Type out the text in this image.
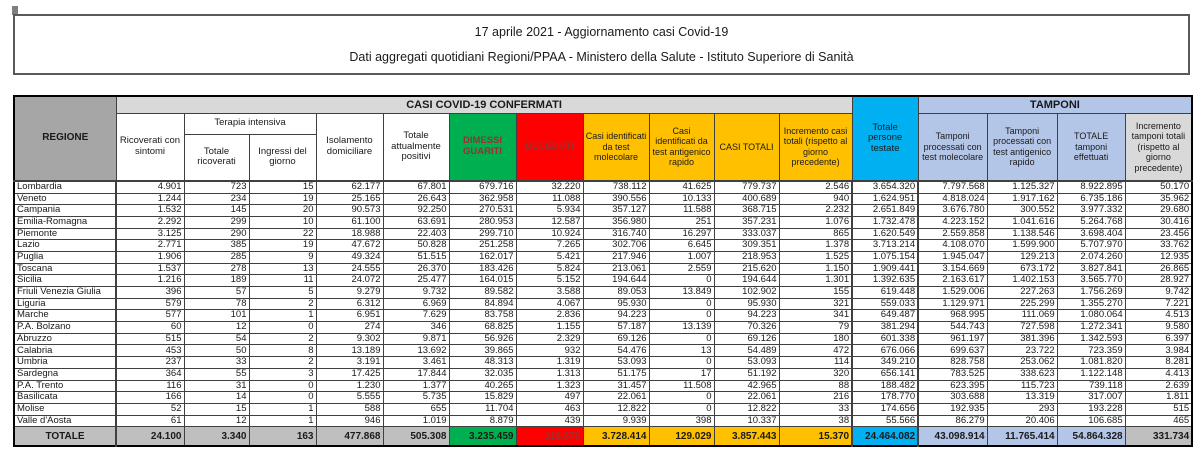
17 aprile 2021 - Aggiornamento casi Covid-19
Dati aggregati quotidiani Regioni/PPAA - Ministero della Salute - Istituto Superiore di Sanità
REGIONE	CASI COVID-19 CONFERMATI											Totale persone testate	TAMPONI			
	Ricoverati con sintomi	Terapia intensiva		Isolamento domiciliare	Totale attualmente positivi	DIMESSI GUARITI	DECEDUTI	Casi identificati da test molecolare	Casi identificati da test antigenico rapido	CASI TOTALI	Incremento casi totali (rispetto al giorno precedente)		Tamponi processati con test molecolare	Tamponi processati con test antigenico rapido	TOTALE tamponi effettuati	Incremento tamponi totali (rispetto al giorno precedente)
		Totale ricoverati	Ingressi del giorno													
Lombardia	4.901	723	15	62.177	67.801	679.716	32.220	738.112	41.625	779.737	2.546	3.654.320	7.797.568	1.125.327	8.922.895	50.170
Veneto	1.244	234	19	25.165	26.643	362.958	11.088	390.556	10.133	400.689	940	1.624.951	4.818.024	1.917.162	6.735.186	35.962
Campania	1.532	145	20	90.573	92.250	270.531	5.934	357.127	11.588	368.715	2.232	2.651.849	3.676.780	300.552	3.977.332	29.680
Emilia-Romagna	2.292	299	10	61.100	63.691	280.953	12.587	356.980	251	357.231	1.076	1.732.478	4.223.152	1.041.616	5.264.768	30.416
Piemonte	3.125	290	22	18.988	22.403	299.710	10.924	316.740	16.297	333.037	865	1.620.549	2.559.858	1.138.546	3.698.404	23.456
Lazio	2.771	385	19	47.672	50.828	251.258	7.265	302.706	6.645	309.351	1.378	3.713.214	4.108.070	1.599.900	5.707.970	33.762
Puglia	1.906	285	9	49.324	51.515	162.017	5.421	217.946	1.007	218.953	1.525	1.075.154	1.945.047	129.213	2.074.260	12.935
Toscana	1.537	278	13	24.555	26.370	183.426	5.824	213.061	2.559	215.620	1.150	1.909.441	3.154.669	673.172	3.827.841	26.865
Sicilia	1.216	189	11	24.072	25.477	164.015	5.152	194.644	0	194.644	1.301	1.392.635	2.163.617	1.402.153	3.565.770	28.927
Friuli Venezia Giulia	396	57	5	9.279	9.732	89.582	3.588	89.053	13.849	102.902	155	619.448	1.529.006	227.263	1.756.269	9.742
Liguria	579	78	2	6.312	6.969	84.894	4.067	95.930	0	95.930	321	559.033	1.129.971	225.299	1.355.270	7.221
Marche	577	101	1	6.951	7.629	83.758	2.836	94.223	0	94.223	341	649.487	968.995	111.069	1.080.064	4.513
P.A. Bolzano	60	12	0	274	346	68.825	1.155	57.187	13.139	70.326	79	381.294	544.743	727.598	1.272.341	9.580
Abruzzo	515	54	2	9.302	9.871	56.926	2.329	69.126	0	69.126	180	601.338	961.197	381.396	1.342.593	6.397
Calabria	453	50	8	13.189	13.692	39.865	932	54.476	13	54.489	472	676.066	699.637	23.722	723.359	3.984
Umbria	237	33	2	3.191	3.461	48.313	1.319	53.093	0	53.093	114	349.210	828.758	253.062	1.081.820	8.281
Sardegna	364	55	3	17.425	17.844	32.035	1.313	51.175	17	51.192	320	656.141	783.525	338.623	1.122.148	4.413
P.A. Trento	116	31	0	1.230	1.377	40.265	1.323	31.457	11.508	42.965	88	188.482	623.395	115.723	739.118	2.639
Basilicata	166	14	0	5.555	5.735	15.829	497	22.061	0	22.061	216	178.770	303.688	13.319	317.007	1.811
Molise	52	15	1	588	655	11.704	463	12.822	0	12.822	33	174.656	192.935	293	193.228	515
Valle d'Aosta	61	12	1	946	1.019	8.879	439	9.939	398	10.337	38	55.566	86.279	20.406	106.685	465
TOTALE	24.100	3.340	163	477.868	505.308	3.235.459	116.676	3.728.414	129.029	3.857.443	15.370	24.464.082	43.098.914	11.765.414	54.864.328	331.734
